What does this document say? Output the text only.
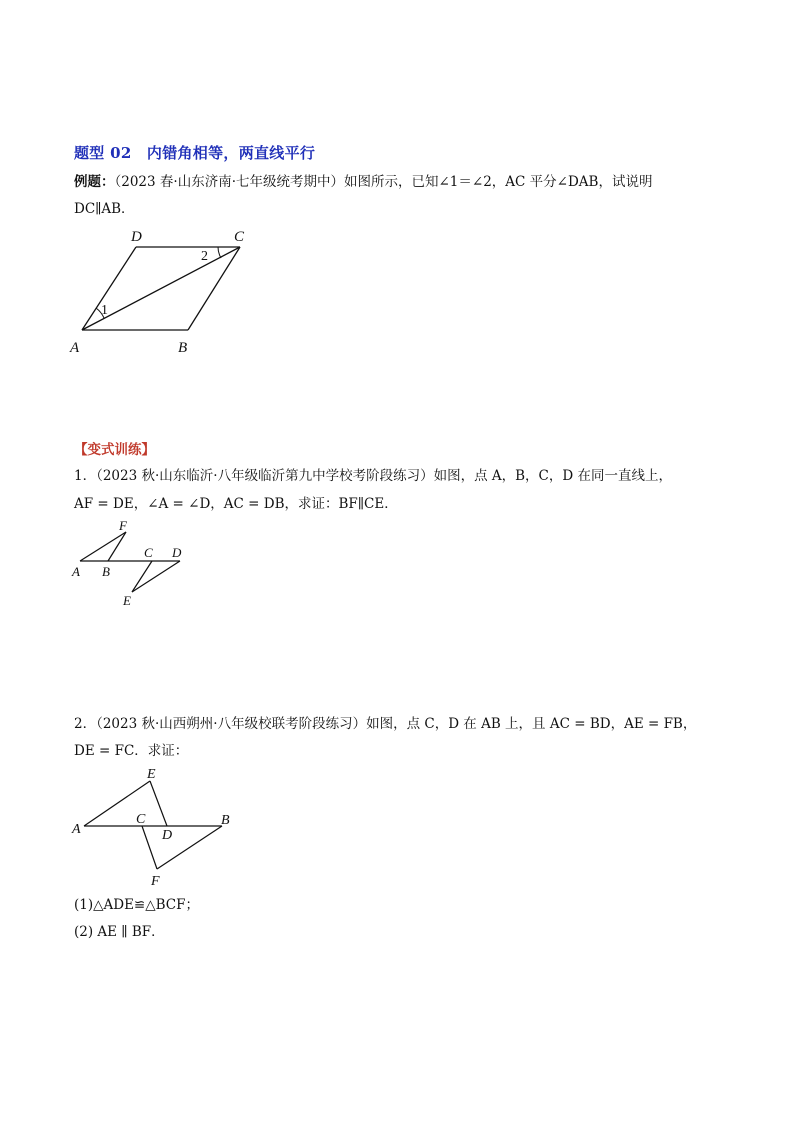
题型 02　内错角相等，两直线平行
例题：（2023 春·山东济南·七年级统考期中）如图所示，已知∠1＝∠2，AC 平分∠DAB，试说明
DC∥AB．
A	B
C
D
1
2
【变式训练】
1．（2023 秋·山东临沂·八年级临沂第九中学校考阶段练习）如图，点 A，B，C，D 在同一直线上，
AF = DE，∠A = ∠D，AC = DB，求证：BF∥CE．
A B
C D
E
F
2．（2023 秋·山西朔州·八年级校联考阶段练习）如图，点 C，D 在 AB 上，且 AC = BD，AE = FB，
DE = FC．求证：
A
B
C
D
E
F
(1)△ADE≌△BCF；
(2) AE ∥ BF．
